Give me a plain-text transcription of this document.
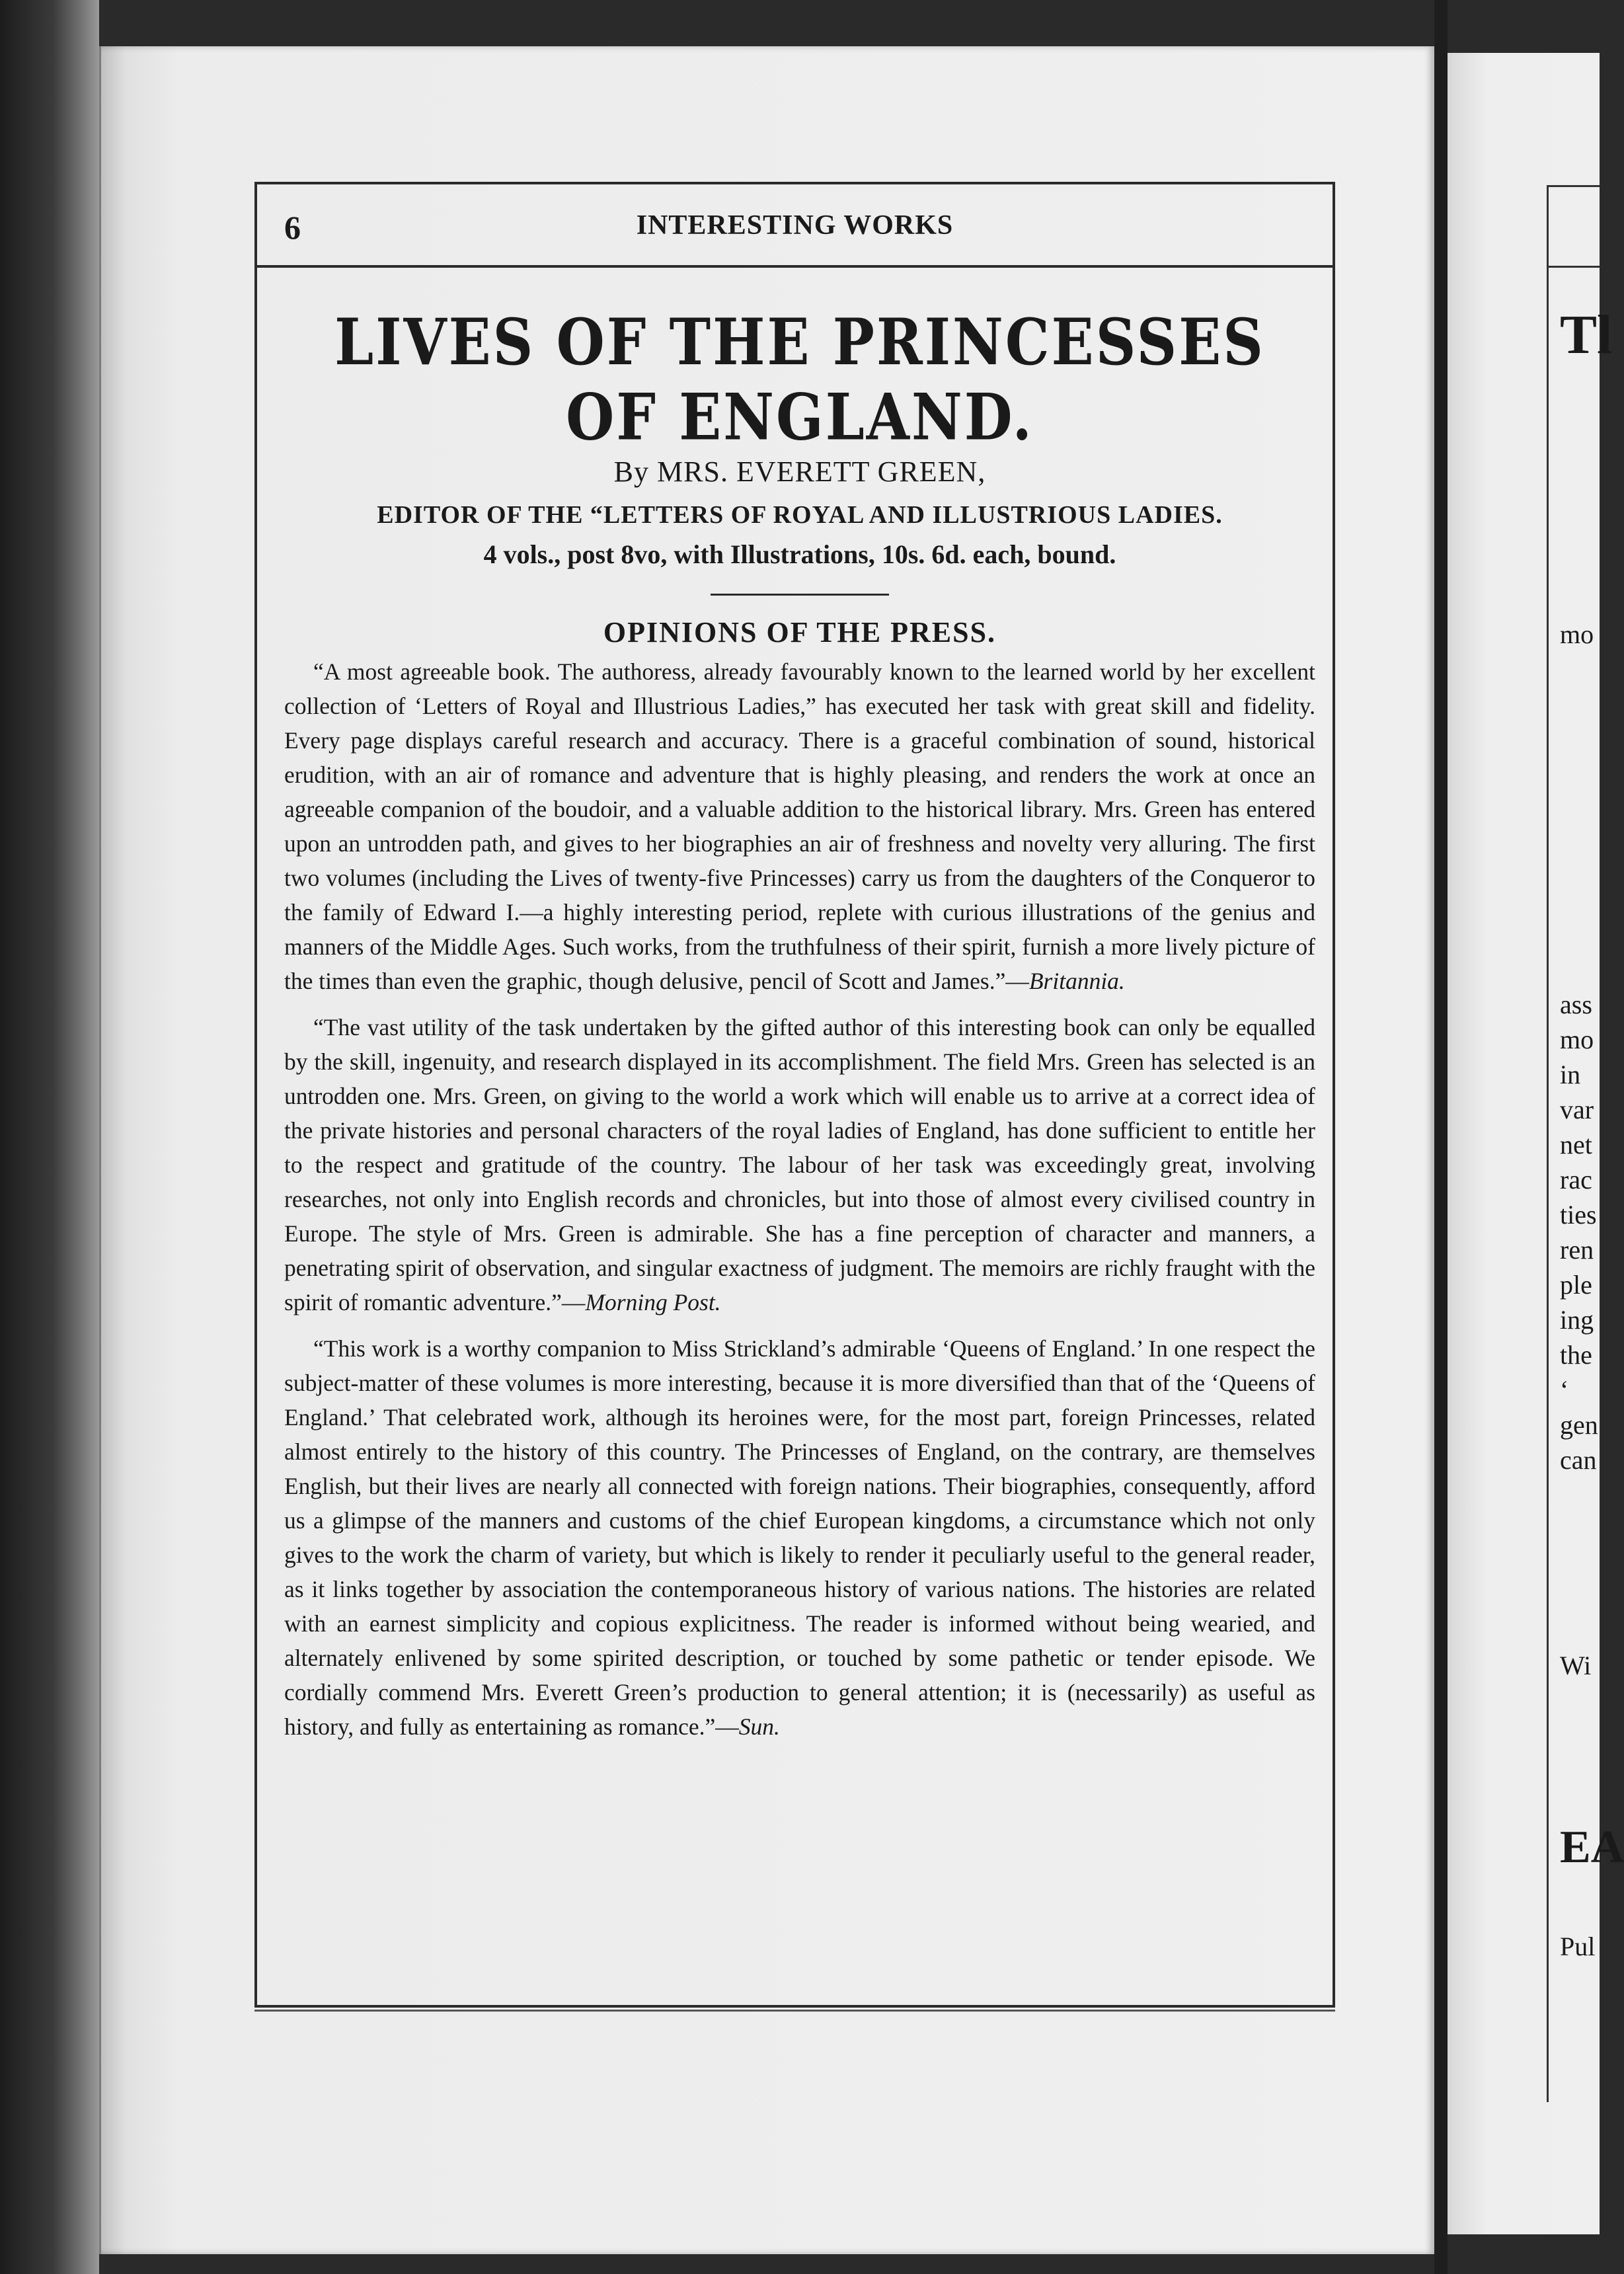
Tl
mo
ass
mo
in
var
net
rac
ties
ren
ple
ing
the
‘
gen
can
Wi
EA
Pul
6	INTERESTING WORKS
LIVES OF THE PRINCESSES OF ENGLAND.

By MRS. EVERETT GREEN,

EDITOR OF THE “LETTERS OF ROYAL AND ILLUSTRIOUS LADIES.

4 vols., post 8vo, with Illustrations, 10s. 6d. each, bound.

OPINIONS OF THE PRESS.

“A most agreeable book. The authoress, already favourably known to the learned world by her excellent collection of ‘Letters of Royal and Illustrious Ladies,” has executed her task with great skill and fidelity. Every page displays careful research and accuracy. There is a graceful combination of sound, historical erudition, with an air of romance and adventure that is highly pleasing, and renders the work at once an agreeable companion of the boudoir, and a valuable addition to the historical library. Mrs. Green has entered upon an untrodden path, and gives to her biographies an air of freshness and novelty very alluring. The first two volumes (including the Lives of twenty-five Princesses) carry us from the daughters of the Conqueror to the family of Edward I.—a highly interesting period, replete with curious illustrations of the genius and manners of the Middle Ages. Such works, from the truthfulness of their spirit, furnish a more lively picture of the times than even the graphic, though delusive, pencil of Scott and James.”—Britannia.

“The vast utility of the task undertaken by the gifted author of this interesting book can only be equalled by the skill, ingenuity, and research displayed in its accomplishment. The field Mrs. Green has selected is an untrodden one. Mrs. Green, on giving to the world a work which will enable us to arrive at a correct idea of the private histories and personal characters of the royal ladies of England, has done sufficient to entitle her to the respect and gratitude of the country. The labour of her task was exceedingly great, involving researches, not only into English records and chronicles, but into those of almost every civilised country in Europe. The style of Mrs. Green is admirable. She has a fine perception of character and manners, a penetrating spirit of observation, and singular exactness of judgment. The memoirs are richly fraught with the spirit of romantic adventure.”—Morning Post.

“This work is a worthy companion to Miss Strickland’s admirable ‘Queens of England.’ In one respect the subject-matter of these volumes is more interesting, because it is more diversified than that of the ‘Queens of England.’ That celebrated work, although its heroines were, for the most part, foreign Princesses, related almost entirely to the history of this country. The Princesses of England, on the contrary, are themselves English, but their lives are nearly all connected with foreign nations. Their biographies, consequently, afford us a glimpse of the manners and customs of the chief European kingdoms, a circumstance which not only gives to the work the charm of variety, but which is likely to render it peculiarly useful to the general reader, as it links together by association the contemporaneous history of various nations. The histories are related with an earnest simplicity and copious explicitness. The reader is informed without being wearied, and alternately enlivened by some spirited description, or touched by some pathetic or tender episode. We cordially commend Mrs. Everett Green’s production to general attention; it is (necessarily) as useful as history, and fully as entertaining as romance.”—Sun.
